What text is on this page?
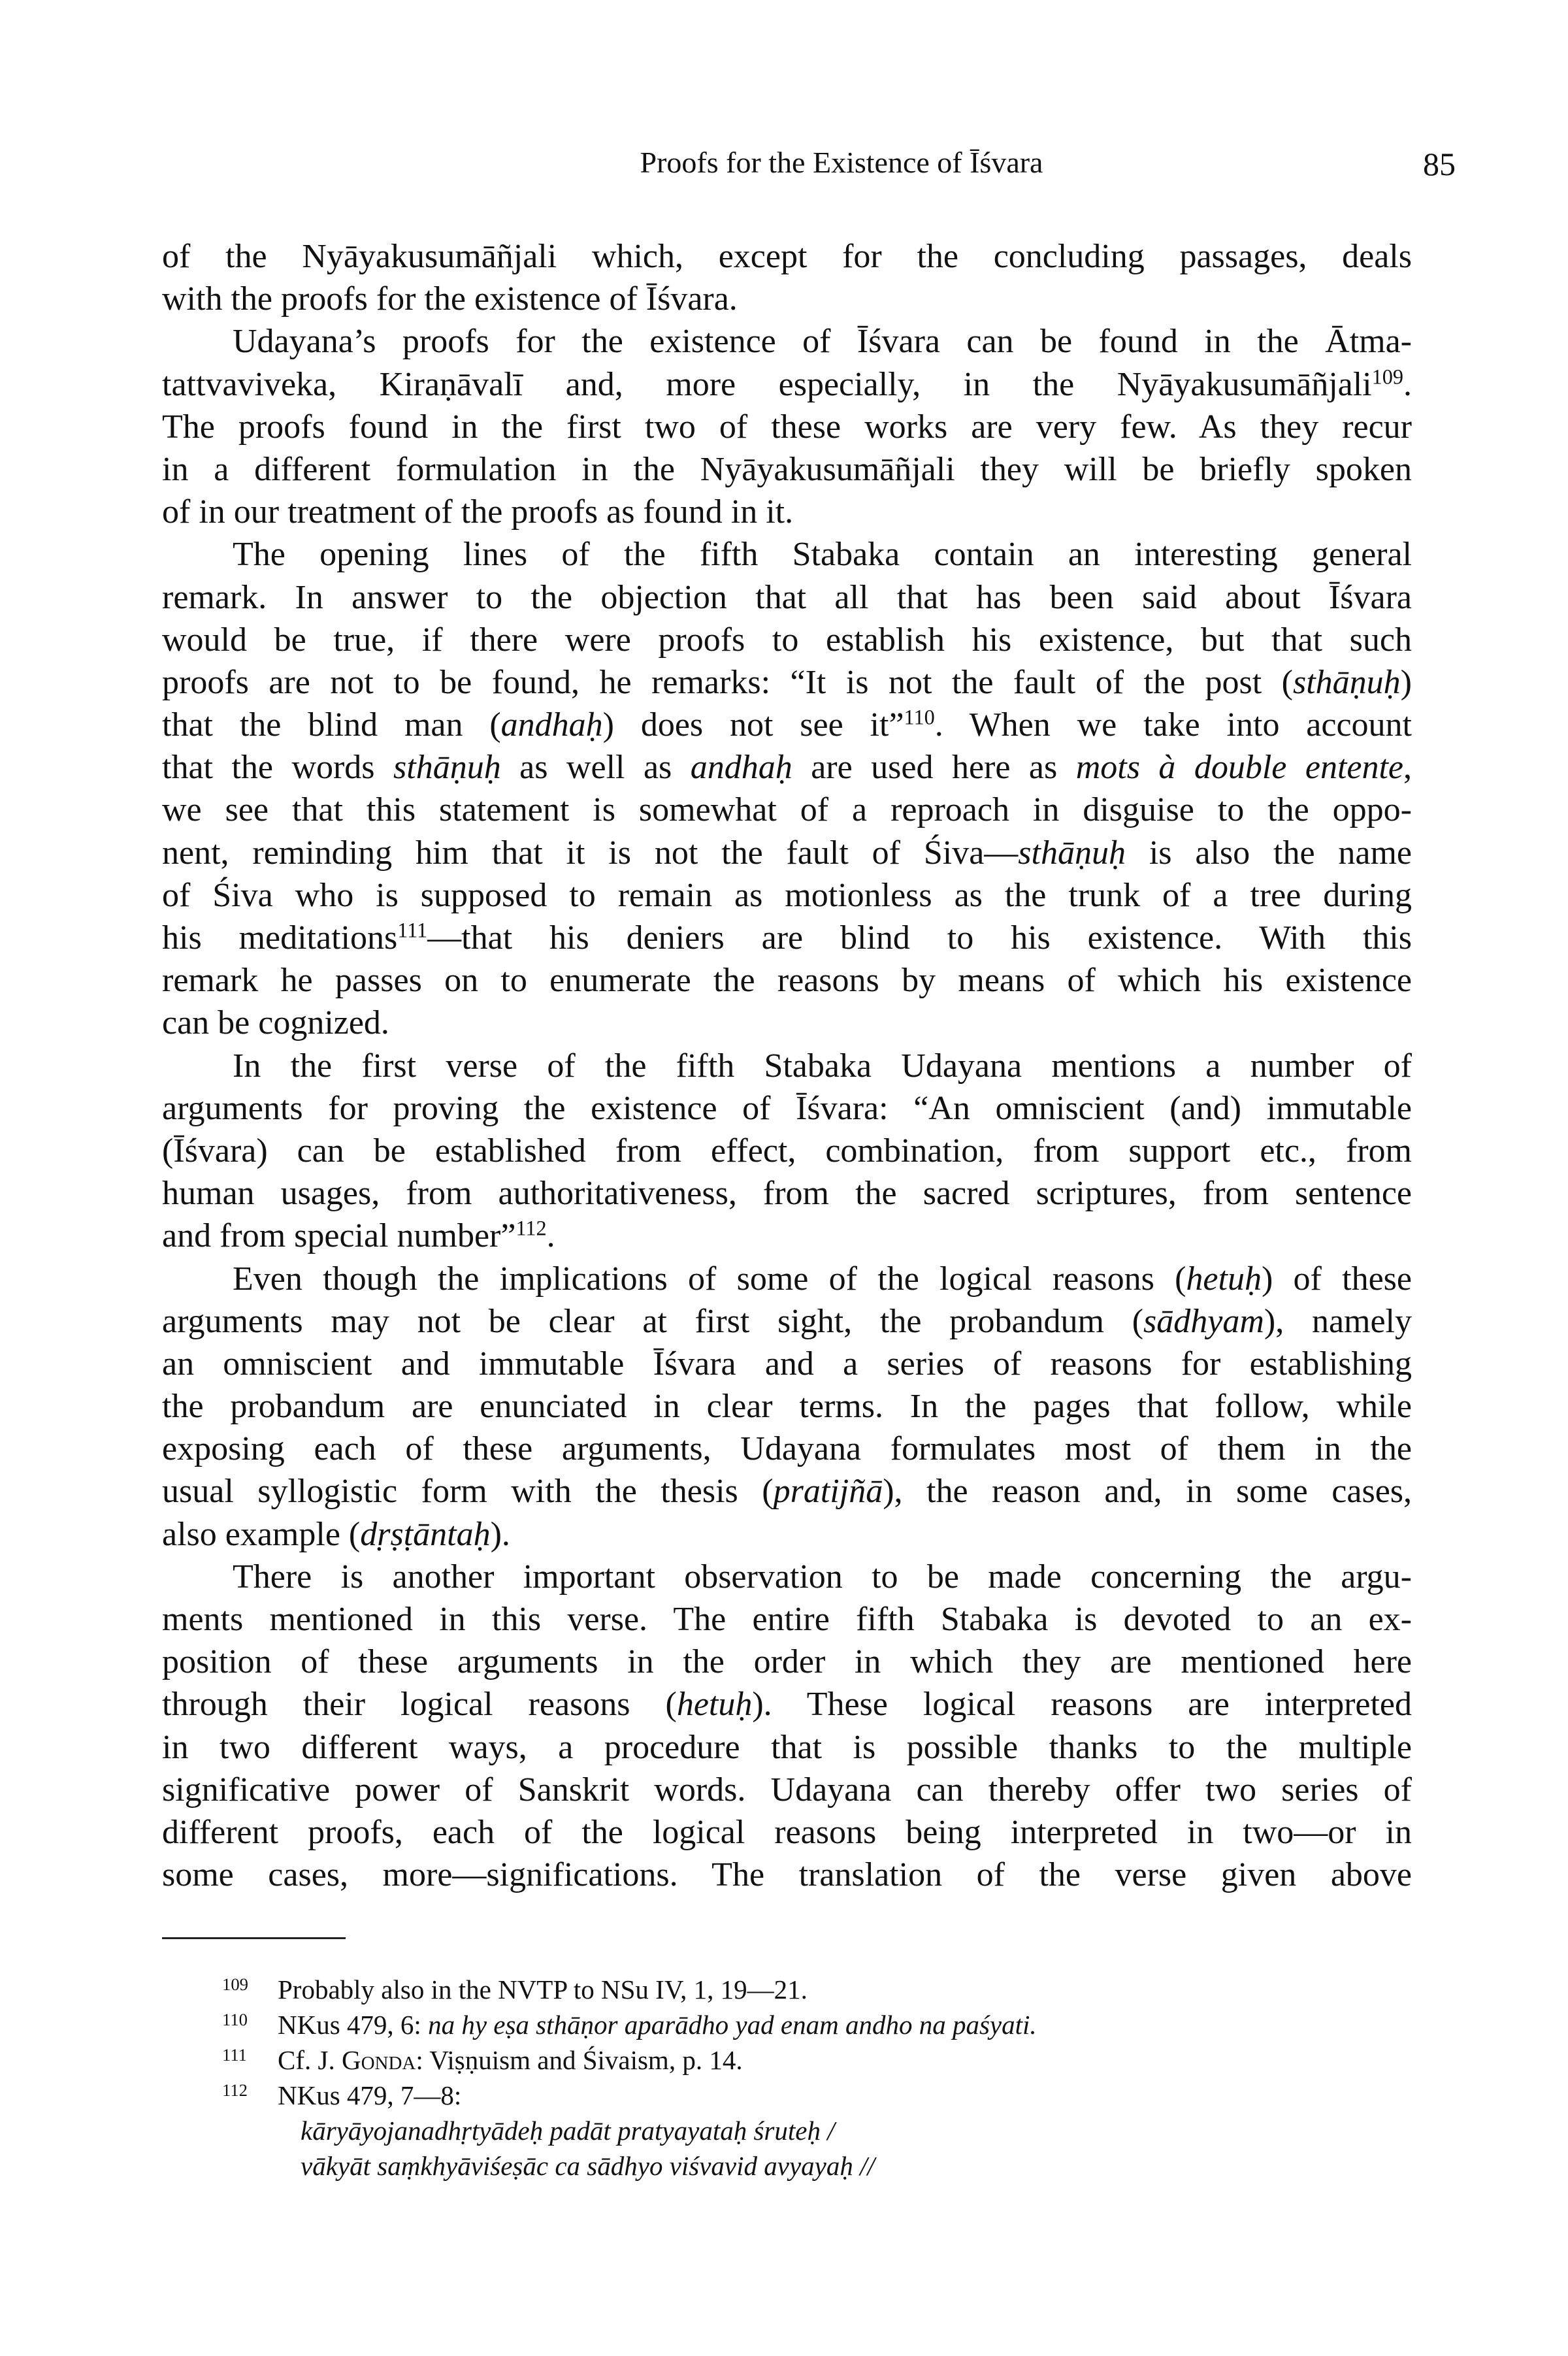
Proofs for the Existence of Īśvara	85
of the Nyāyakusumāñjali which, except for the concluding passages, deals
with the proofs for the existence of Īśvara.
Udayana’s proofs for the existence of Īśvara can be found in the Ātma-
tattvaviveka, Kiraṇāvalī and, more especially, in the Nyāyakusumāñjali$^{109}$.
The proofs found in the first two of these works are very few. As they recur
in a different formulation in the Nyāyakusumāñjali they will be briefly spoken
of in our treatment of the proofs as found in it.
The opening lines of the fifth Stabaka contain an interesting general
remark. In answer to the objection that all that has been said about Īśvara
would be true, if there were proofs to establish his existence, but that such
proofs are not to be found, he remarks: “It is not the fault of the post (sthāṇuḥ)
that the blind man (andhaḥ) does not see it”$^{110}$. When we take into account
that the words sthāṇuḥ as well as andhaḥ are used here as mots à double entente,
we see that this statement is somewhat of a reproach in disguise to the oppo-
nent, reminding him that it is not the fault of Śiva—sthāṇuḥ is also the name
of Śiva who is supposed to remain as motionless as the trunk of a tree during
his meditations$^{111}$—that his deniers are blind to his existence. With this
remark he passes on to enumerate the reasons by means of which his existence
can be cognized.
In the first verse of the fifth Stabaka Udayana mentions a number of
arguments for proving the existence of Īśvara: “An omniscient (and) immutable
(Īśvara) can be established from effect, combination, from support etc., from
human usages, from authoritativeness, from the sacred scriptures, from sentence
and from special number”$^{112}$.
Even though the implications of some of the logical reasons (hetuḥ) of these
arguments may not be clear at first sight, the probandum (sādhyam), namely
an omniscient and immutable Īśvara and a series of reasons for establishing
the probandum are enunciated in clear terms. In the pages that follow, while
exposing each of these arguments, Udayana formulates most of them in the
usual syllogistic form with the thesis (pratijñā), the reason and, in some cases,
also example (dṛṣṭāntaḥ).
There is another important observation to be made concerning the argu-
ments mentioned in this verse. The entire fifth Stabaka is devoted to an ex-
position of these arguments in the order in which they are mentioned here
through their logical reasons (hetuḥ). These logical reasons are interpreted
in two different ways, a procedure that is possible thanks to the multiple
significative power of Sanskrit words. Udayana can thereby offer two series of
different proofs, each of the logical reasons being interpreted in two—or in
some cases, more—significations. The translation of the verse given above
109 Probably also in the NVTP to NSu IV, 1, 19—21.
110 NKus 479, 6: na hy eṣa sthāṇor aparādho yad enam andho na paśyati.
111 Cf. J. Gonda: Viṣṇuism and Śivaism, p. 14.
112 NKus 479, 7—8:
kāryāyojanadhṛtyādeḥ padāt pratyayataḥ śruteḥ /
vākyāt saṃkhyāviśeṣāc ca sādhyo viśvavid avyayaḥ //
